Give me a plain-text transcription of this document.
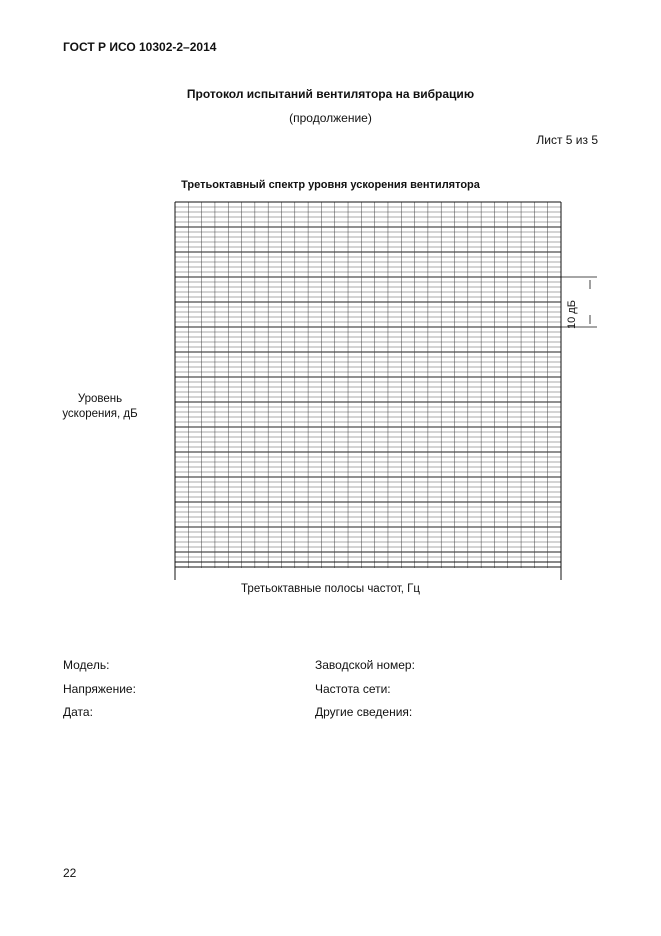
ГОСТ Р ИСО 10302-2–2014
Протокол испытаний вентилятора на вибрацию
(продолжение)
Лист 5 из 5
Третьоктавный спектр уровня ускорения вентилятора
Уровень
ускорения, дБ
10 дБ
Третьоктавные полосы частот, Гц
Модель:	Заводской номер:
Напряжение:	Частота сети:
Дата:	Другие сведения:
22
